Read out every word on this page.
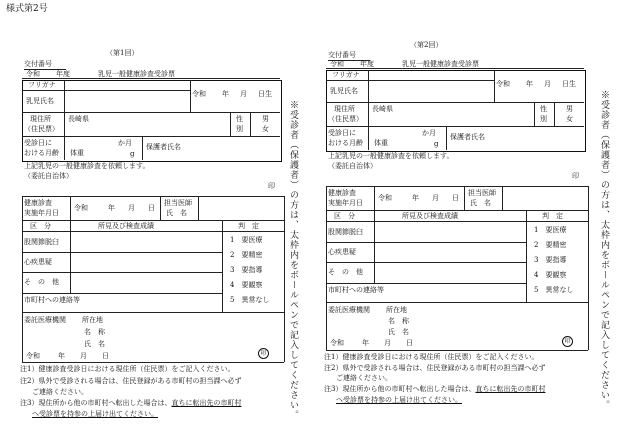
様式第2号
（第1回）
交付番号
令和 年度	乳児一般健康診査受診票
フリガナ
乳児氏名
令和 年 月 日生
現住所
（住民票）
長崎県	性
別
男
女
受診日に
おける月齢
か月
体重	g
保護者氏名
上記乳児の一般健康診査を依頼します。
（委託自治体）
印
健康診査
実施年月日
令和	年 月 日
担当医師
氏　名
区　分	所見及び検査成績	判　定
股関節脱臼
心疾患疑
そ　の　他
1　要医療
2　要精密
3　要指導
4　要観察
5　異常なし
市町村への連絡等
委託医療機関 所在地
名　称
氏　名
印
令和	年 月 日
注1）健康診査受診日における現住所（住民票）をご記入ください。
注2）県外で受診される場合は、住民登録がある市町村の担当課へ必ず
ご連絡ください。
注3）現住所から他の市町村へ転出した場合は、直ちに転出先の市町村
へ受診票を持参の上届け出てください。	※受診者（保護者）の方は、太枠内をボールペンで記入してください。
（第2回）
交付番号
令和 年度	乳児一般健康診査受診票
フリガナ
乳児氏名
令和 年 月 日生
現住所
（住民票）
長崎県	性
別
男
女
受診日に
おける月齢
か月
体重	g
保護者氏名
上記乳児の一般健康診査を依頼します。
（委託自治体）
印
健康診査
実施年月日
令和	年 月 日
担当医師
氏　名
区　分	所見及び検査成績	判　定
股関節脱臼
心疾患疑
そ　の　他
1　要医療
2　要精密
3　要指導
4　要観察
5　異常なし
市町村への連絡等
委託医療機関 所在地
名　称
氏　名
印
令和	年 月 日
注1）健康診査受診日における現住所（住民票）をご記入ください。
注2）県外で受診される場合は、住民登録がある市町村の担当課へ必ず
ご連絡ください。
注3）現住所から他の市町村へ転出した場合は、直ちに転出先の市町村
へ受診票を持参の上届け出てください。	※受診者（保護者）の方は、太枠内をボールペンで記入してください。
